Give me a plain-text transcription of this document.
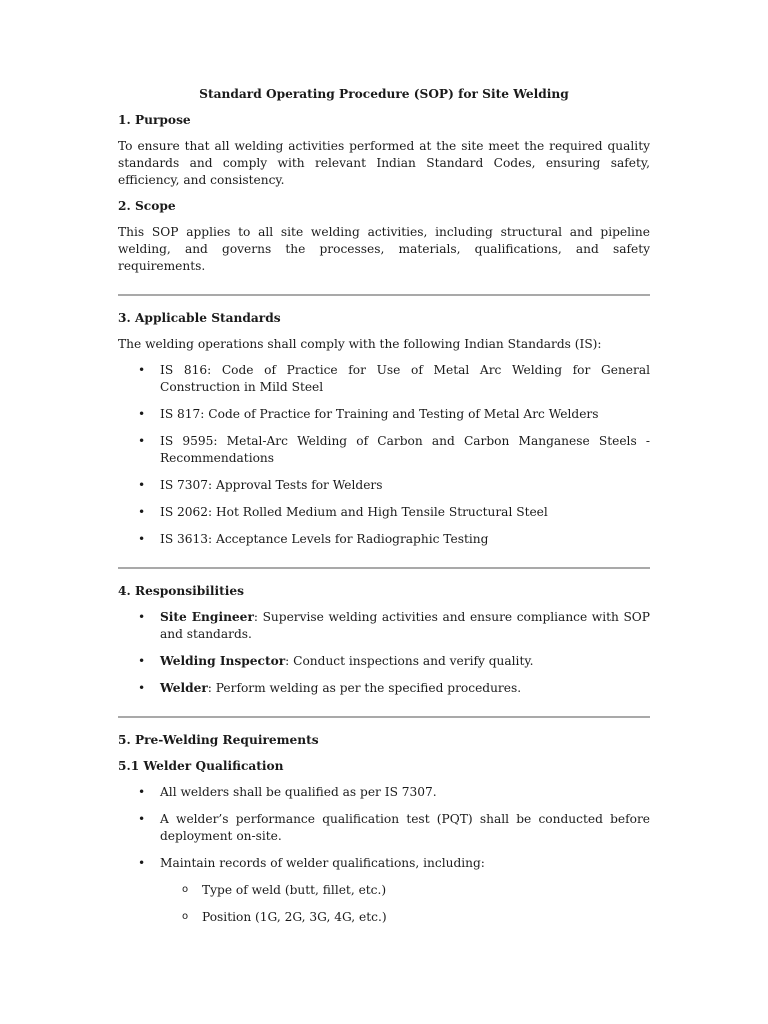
Standard Operating Procedure (SOP) for Site Welding
1. Purpose

To ensure that all welding activities performed at the site meet the required quality standards and comply with relevant Indian Standard Codes, ensuring safety, efficiency, and consistency.

2. Scope

This SOP applies to all site welding activities, including structural and pipeline welding, and governs the processes, materials, qualifications, and safety requirements.

3. Applicable Standards

The welding operations shall comply with the following Indian Standards (IS):

• IS 816: Code of Practice for Use of Metal Arc Welding for General Construction in Mild Steel
• IS 817: Code of Practice for Training and Testing of Metal Arc Welders
• IS 9595: Metal-Arc Welding of Carbon and Carbon Manganese Steels - Recommendations
• IS 7307: Approval Tests for Welders
• IS 2062: Hot Rolled Medium and High Tensile Structural Steel
• IS 3613: Acceptance Levels for Radiographic Testing
4. Responsibilities
• Site Engineer: Supervise welding activities and ensure compliance with SOP and standards.
• Welding Inspector: Conduct inspections and verify quality.
• Welder: Perform welding as per the specified procedures.
5. Pre-Welding Requirements
5.1 Welder Qualification
• All welders shall be qualified as per IS 7307.
• A welder’s performance qualification test (PQT) shall be conducted before deployment on-site.
• Maintain records of welder qualifications, including:
o Type of weld (butt, fillet, etc.)
o Position (1G, 2G, 3G, 4G, etc.)
